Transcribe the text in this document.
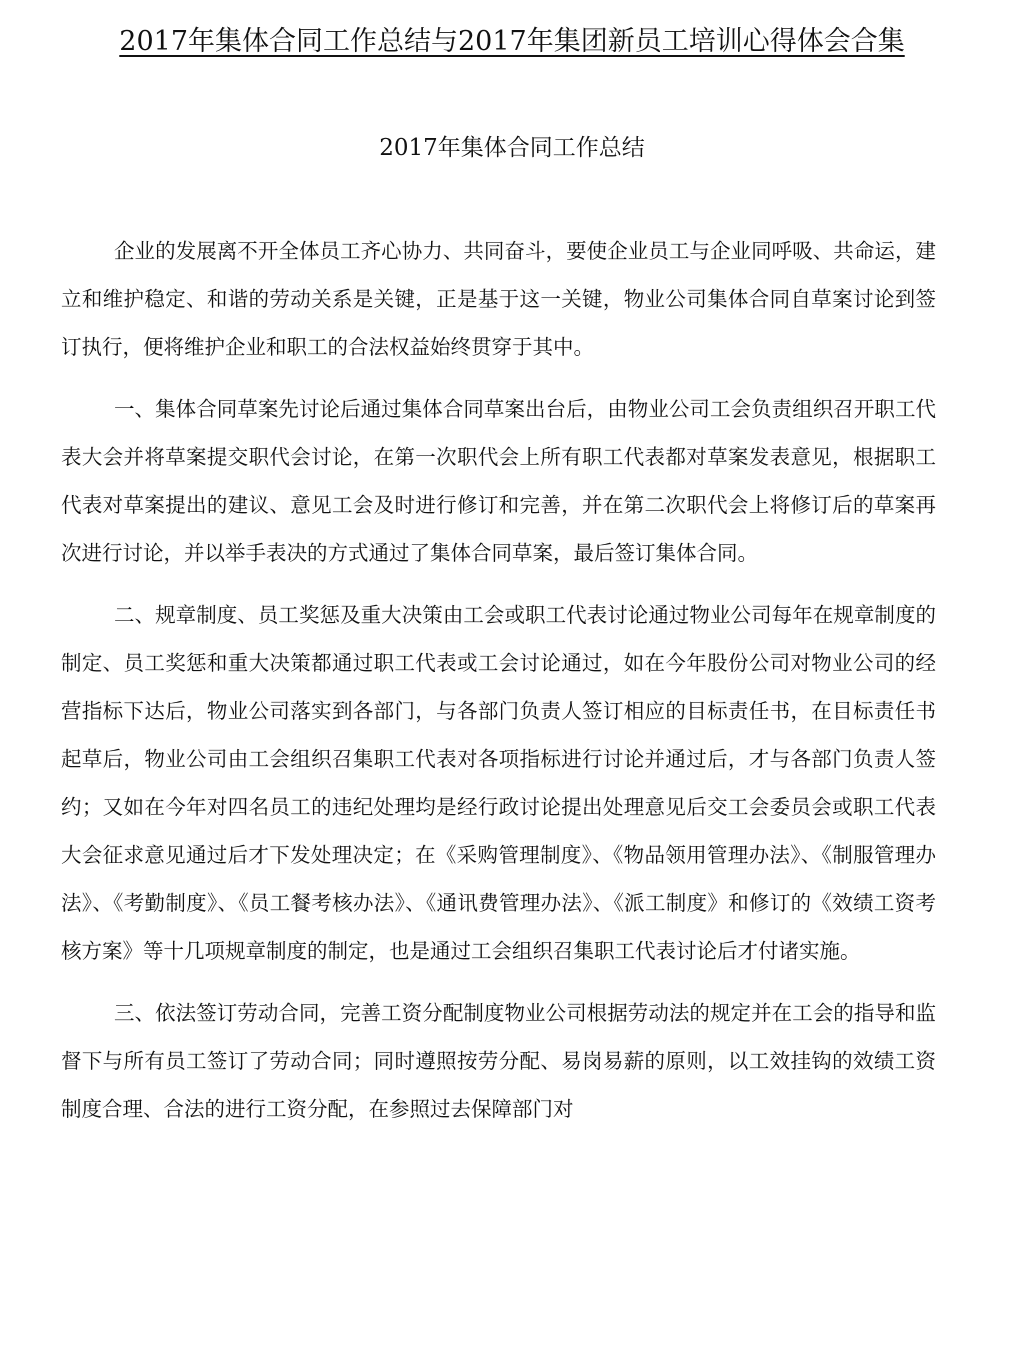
2017年集体合同工作总结与2017年集团新员工培训心得体会合集
2017年集体合同工作总结

企业的发展离不开全体员工齐心协力、共同奋斗，要使企业员工与企业同呼吸、共命运，建立和维护稳定、和谐的劳动关系是关键，正是基于这一关键，物业公司集体合同自草案讨论到签订执行，便将维护企业和职工的合法权益始终贯穿于其中。

一、集体合同草案先讨论后通过集体合同草案出台后，由物业公司工会负责组织召开职工代表大会并将草案提交职代会讨论，在第一次职代会上所有职工代表都对草案发表意见，根据职工代表对草案提出的建议、意见工会及时进行修订和完善，并在第二次职代会上将修订后的草案再次进行讨论，并以举手表决的方式通过了集体合同草案，最后签订集体合同。

二、规章制度、员工奖惩及重大决策由工会或职工代表讨论通过物业公司每年在规章制度的制定、员工奖惩和重大决策都通过职工代表或工会讨论通过，如在今年股份公司对物业公司的经营指标下达后，物业公司落实到各部门，与各部门负责人签订相应的目标责任书，在目标责任书起草后，物业公司由工会组织召集职工代表对各项指标进行讨论并通过后，才与各部门负责人签约；又如在今年对四名员工的违纪处理均是经行政讨论提出处理意见后交工会委员会或职工代表大会征求意见通过后才下发处理决定；在《采购管理制度》、《物品领用管理办法》、《制服管理办法》、《考勤制度》、《员工餐考核办法》、《通讯费管理办法》、《派工制度》和修订的《效绩工资考核方案》等十几项规章制度的制定，也是通过工会组织召集职工代表讨论后才付诸实施。

三、依法签订劳动合同，完善工资分配制度物业公司根据劳动法的规定并在工会的指导和监督下与所有员工签订了劳动合同；同时遵照按劳分配、易岗易薪的原则，以工效挂钩的效绩工资制度合理、合法的进行工资分配，在参照过去保障部门对
